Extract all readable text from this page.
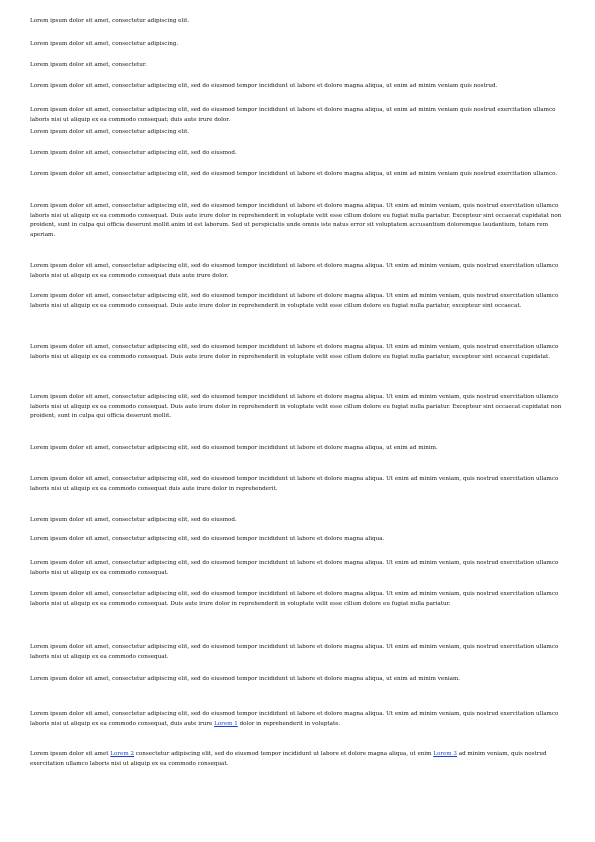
Lorem ipsum dolor sit amet, consectetur adipiscing elit.
Lorem ipsum dolor sit amet, consectetur adipiscing.
Lorem ipsum dolor sit amet, consectetur.
Lorem ipsum dolor sit amet, consectetur adipiscing elit, sed do eiusmod tempor incididunt ut labore et dolore magna aliqua, ut enim ad minim veniam quis nostrud.
Lorem ipsum dolor sit amet, consectetur adipiscing elit, sed do eiusmod tempor incididunt ut labore et dolore magna aliqua, ut enim ad minim veniam quis nostrud exercitation ullamco laboris nisi ut aliquip ex ea commodo consequat; duis aute irure dolor.
Lorem ipsum dolor sit amet, consectetur adipiscing elit.
Lorem ipsum dolor sit amet, consectetur adipiscing elit, sed do eiusmod.
Lorem ipsum dolor sit amet, consectetur adipiscing elit, sed do eiusmod tempor incididunt ut labore et dolore magna aliqua, ut enim ad minim veniam quis nostrud exercitation ullamco.
Lorem ipsum dolor sit amet, consectetur adipiscing elit, sed do eiusmod tempor incididunt ut labore et dolore magna aliqua. Ut enim ad minim veniam, quis nostrud exercitation ullamco laboris nisi ut aliquip ex ea commodo consequat. Duis aute irure dolor in reprehenderit in voluptate velit esse cillum dolore eu fugiat nulla pariatur. Excepteur sint occaecat cupidatat non proident, sunt in culpa qui officia deserunt mollit anim id est laborum. Sed ut perspiciatis unde omnis iste natus error sit voluptatem accusantium doloremque laudantium, totam rem aperiam.
Lorem ipsum dolor sit amet, consectetur adipiscing elit, sed do eiusmod tempor incididunt ut labore et dolore magna aliqua. Ut enim ad minim veniam, quis nostrud exercitation ullamco laboris nisi ut aliquip ex ea commodo consequat duis aute irure dolor.
Lorem ipsum dolor sit amet, consectetur adipiscing elit, sed do eiusmod tempor incididunt ut labore et dolore magna aliqua. Ut enim ad minim veniam, quis nostrud exercitation ullamco laboris nisi ut aliquip ex ea commodo consequat. Duis aute irure dolor in reprehenderit in voluptate velit esse cillum dolore eu fugiat nulla pariatur, excepteur sint occaecat.
Lorem ipsum dolor sit amet, consectetur adipiscing elit, sed do eiusmod tempor incididunt ut labore et dolore magna aliqua. Ut enim ad minim veniam, quis nostrud exercitation ullamco laboris nisi ut aliquip ex ea commodo consequat. Duis aute irure dolor in reprehenderit in voluptate velit esse cillum dolore eu fugiat nulla pariatur, excepteur sint occaecat cupidatat.
Lorem ipsum dolor sit amet, consectetur adipiscing elit, sed do eiusmod tempor incididunt ut labore et dolore magna aliqua. Ut enim ad minim veniam, quis nostrud exercitation ullamco laboris nisi ut aliquip ex ea commodo consequat. Duis aute irure dolor in reprehenderit in voluptate velit esse cillum dolore eu fugiat nulla pariatur. Excepteur sint occaecat cupidatat non proident, sunt in culpa qui officia deserunt mollit.
Lorem ipsum dolor sit amet, consectetur adipiscing elit, sed do eiusmod tempor incididunt ut labore et dolore magna aliqua, ut enim ad minim.
Lorem ipsum dolor sit amet, consectetur adipiscing elit, sed do eiusmod tempor incididunt ut labore et dolore magna aliqua. Ut enim ad minim veniam, quis nostrud exercitation ullamco laboris nisi ut aliquip ex ea commodo consequat duis aute irure dolor in reprehenderit.
Lorem ipsum dolor sit amet, consectetur adipiscing elit, sed do eiusmod.
Lorem ipsum dolor sit amet, consectetur adipiscing elit, sed do eiusmod tempor incididunt ut labore et dolore magna aliqua.
Lorem ipsum dolor sit amet, consectetur adipiscing elit, sed do eiusmod tempor incididunt ut labore et dolore magna aliqua. Ut enim ad minim veniam, quis nostrud exercitation ullamco laboris nisi ut aliquip ex ea commodo consequat.
Lorem ipsum dolor sit amet, consectetur adipiscing elit, sed do eiusmod tempor incididunt ut labore et dolore magna aliqua. Ut enim ad minim veniam, quis nostrud exercitation ullamco laboris nisi ut aliquip ex ea commodo consequat. Duis aute irure dolor in reprehenderit in voluptate velit esse cillum dolore eu fugiat nulla pariatur.
Lorem ipsum dolor sit amet, consectetur adipiscing elit, sed do eiusmod tempor incididunt ut labore et dolore magna aliqua. Ut enim ad minim veniam, quis nostrud exercitation ullamco laboris nisi ut aliquip ex ea commodo consequat.
Lorem ipsum dolor sit amet, consectetur adipiscing elit, sed do eiusmod tempor incididunt ut labore et dolore magna aliqua, ut enim ad minim veniam.
Lorem ipsum dolor sit amet, consectetur adipiscing elit, sed do eiusmod tempor incididunt ut labore et dolore magna aliqua. Ut enim ad minim veniam, quis nostrud exercitation ullamco laboris nisi ut aliquip ex ea commodo consequat, duis aute irure Lorem 1 dolor in reprehenderit in voluptate.
Lorem ipsum dolor sit amet Lorem 2 consectetur adipiscing elit, sed do eiusmod tempor incididunt ut labore et dolore magna aliqua, ut enim Lorem 3 ad minim veniam, quis nostrud exercitation ullamco laboris nisi ut aliquip ex ea commodo consequat.
